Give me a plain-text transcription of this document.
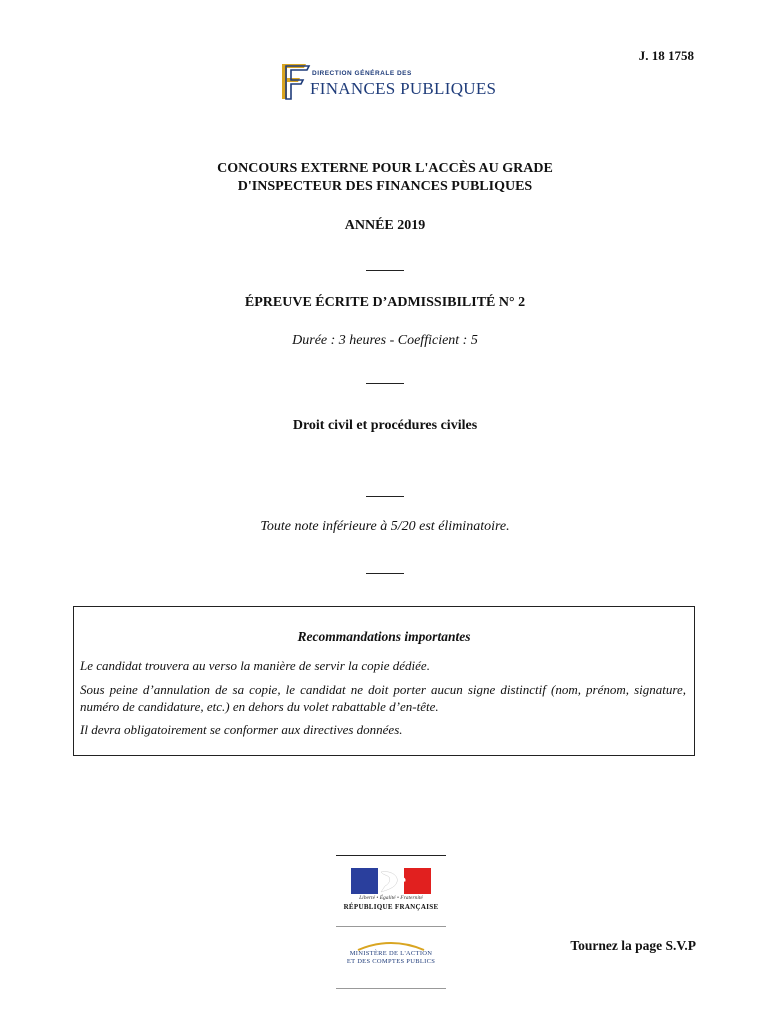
J. 18 1758
DIRECTION GÉNÉRALE DES
FINANCES PUBLIQUES
CONCOURS EXTERNE POUR L'ACCÈS AU GRADE
D'INSPECTEUR DES FINANCES PUBLIQUES
ANNÉE 2019
ÉPREUVE ÉCRITE D’ADMISSIBILITÉ N° 2
Durée : 3 heures - Coefficient : 5
Droit civil et procédures civiles
Toute note inférieure à 5/20 est éliminatoire.
Recommandations importantes
Le candidat trouvera au verso la manière de servir la copie dédiée.
Sous peine d’annulation de sa copie, le candidat ne doit porter aucun signe distinctif (nom, prénom, signature, numéro de candidature, etc.) en dehors du volet rabattable d’en-tête.
Il devra obligatoirement se conformer aux directives données.
Liberté • Égalité • Fraternité
RÉPUBLIQUE FRANÇAISE
MINISTÈRE DE L'ACTION
ET DES COMPTES PUBLICS
Tournez la page S.V.P
